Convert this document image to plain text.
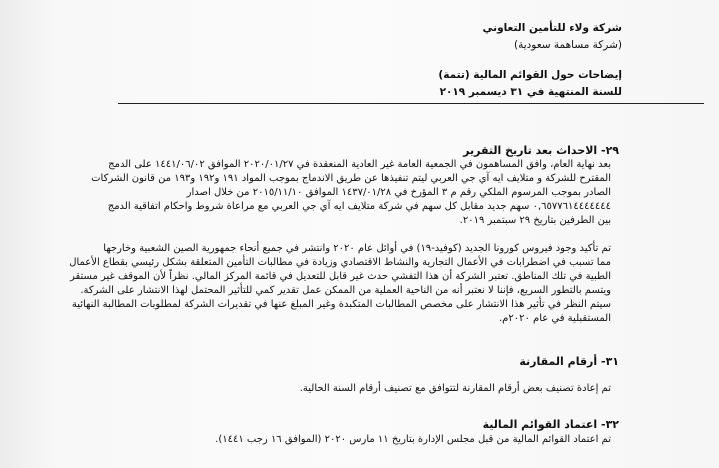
شركة ولاء للتأمين التعاوني
(شركة مساهمة سعودية)
إيضاحات حول القوائم المالية (تتمة)
للسنة المنتهية في ٣١ ديسمبر ٢٠١٩
٢٩- الاحداث بعد تاريخ التقرير
بعد نهاية العام، وافق المساهمون في الجمعية العامة غير العادية المنعقدة في ٢٠٢٠/٠١/٢٧ الموافق ١٤٤١/٠٦/٠٢ على الدمج
المقترح للشركة و متلايف ايه آي جي العربي ليتم تنفيذها عن طريق الاندماج بموجب المواد ١٩١ و١٩٢ و١٩٣ من قانون الشركات
الصادر بموجب المرسوم الملكي رقم م ٣ المؤرخ في ١٤٣٧/٠١/٢٨ الموافق ٢٠١٥/١١/١٠ من خلال اصدار
٠,٦٥٧٧٦١٤٤٤٤٤٤٤ سهم جديد مقابل كل سهم في شركة متلايف ايه آي جي العربي مع مراعاة شروط واحكام اتفاقية الدمج
بين الطرفين بتاريخ ٢٩ سبتمبر ٢٠١٩.
تم تأكيد وجود فيروس كورونا الجديد (كوفيد-١٩) في أوائل عام ٢٠٢٠ وانتشر في جميع أنحاء جمهورية الصين الشعبية وخارجها
مما تسبب في اضطرابات في الأعمال التجارية والنشاط الاقتصادي وزيادة في مطالبات التأمين المتعلقة بشكل رئيسي بقطاع الأعمال
الطبية في تلك المناطق. تعتبر الشركة أن هذا التفشي حدث غير قابل للتعديل في قائمة المركز المالي. نظراً لأن الموقف غير مستقر
ويتسم بالتطور السريع، فإننا لا نعتبر أنه من الناحية العملية من الممكن عمل تقدير كمي للتأثير المحتمل لهذا الانتشار على الشركة.
سيتم النظر في تأثير هذا الانتشار على مخصص المطالبات المتكبدة وغير المبلغ عنها في تقديرات الشركة لمطلوبات المطالبة النهائية
المستقبلية في عام ٢٠٢٠م.
٣١- أرقام المقارنة
تم إعادة تصنيف بعض أرقام المقارنة لتتوافق مع تصنيف أرقام السنة الحالية.
٣٢- اعتماد القوائم المالية
تم اعتماد القوائم المالية من قبل مجلس الإدارة بتاريخ ١١ مارس ٢٠٢٠ (الموافق ١٦ رجب ١٤٤١).
